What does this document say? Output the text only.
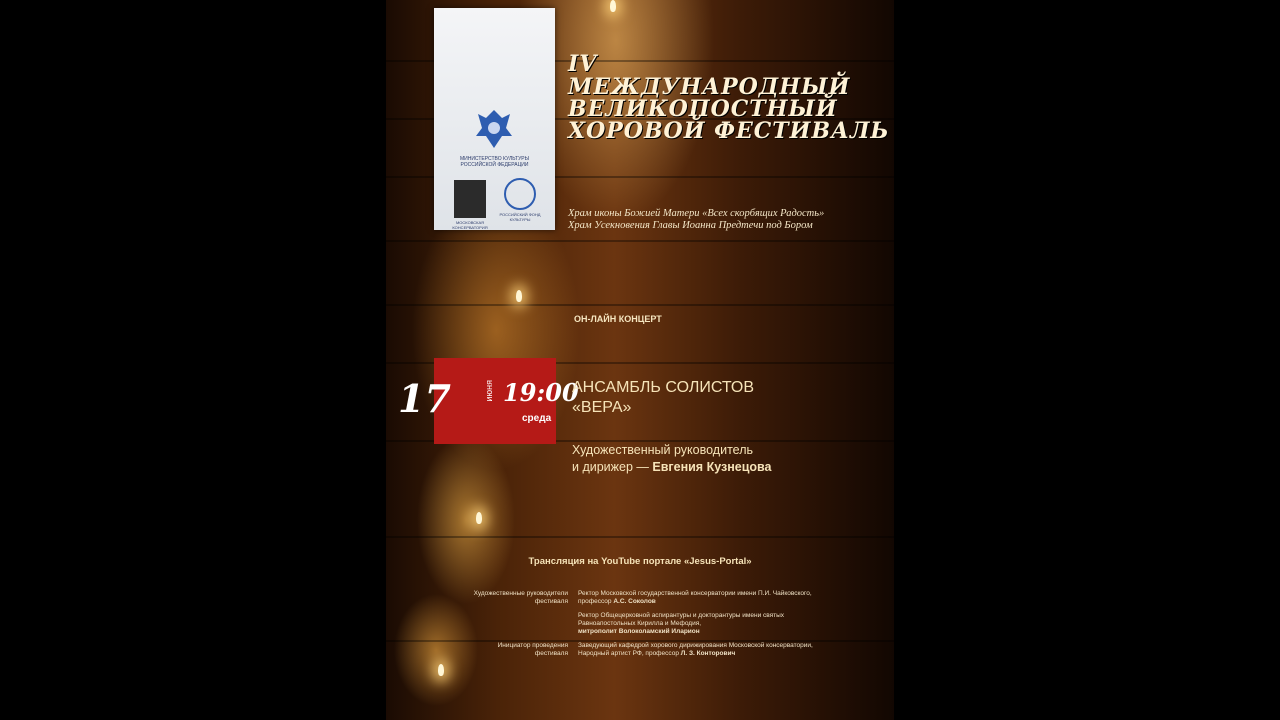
МИНИСТЕРСТВО КУЛЬТУРЫ РОССИЙСКОЙ ФЕДЕРАЦИИ
МОСКОВСКАЯ КОНСЕРВАТОРИЯ
РОССИЙСКИЙ ФОНД КУЛЬТУРЫ
IV
МЕЖДУНАРОДНЫЙ
ВЕЛИКОПОСТНЫЙ
ХОРОВОЙ ФЕСТИВАЛЬ
Храм иконы Божией Матери «Всех скорбящих Радость»
Храм Усекновения Главы Иоанна Предтечи под Бором
ОН-ЛАЙН КОНЦЕРТ
17	июня 19:00
среда
АНСАМБЛЬ СОЛИСТОВ
«ВЕРА»
Художественный руководитель
и дирижер — Евгения Кузнецова
Трансляция на YouTube портале «Jesus-Portal»
Художественные руководители фестиваля
Ректор Московской государственной консерватории имени П.И. Чайковского, профессор А.С. Соколов
Ректор Общецерковной аспирантуры и докторантуры имени святых Равноапостольных Кирилла и Мефодия,
митрополит Волоколамский Иларион
Инициатор проведения фестиваля
Заведующий кафедрой хорового дирижирования Московской консерватории, Народный артист РФ, профессор Л. З. Конторович
